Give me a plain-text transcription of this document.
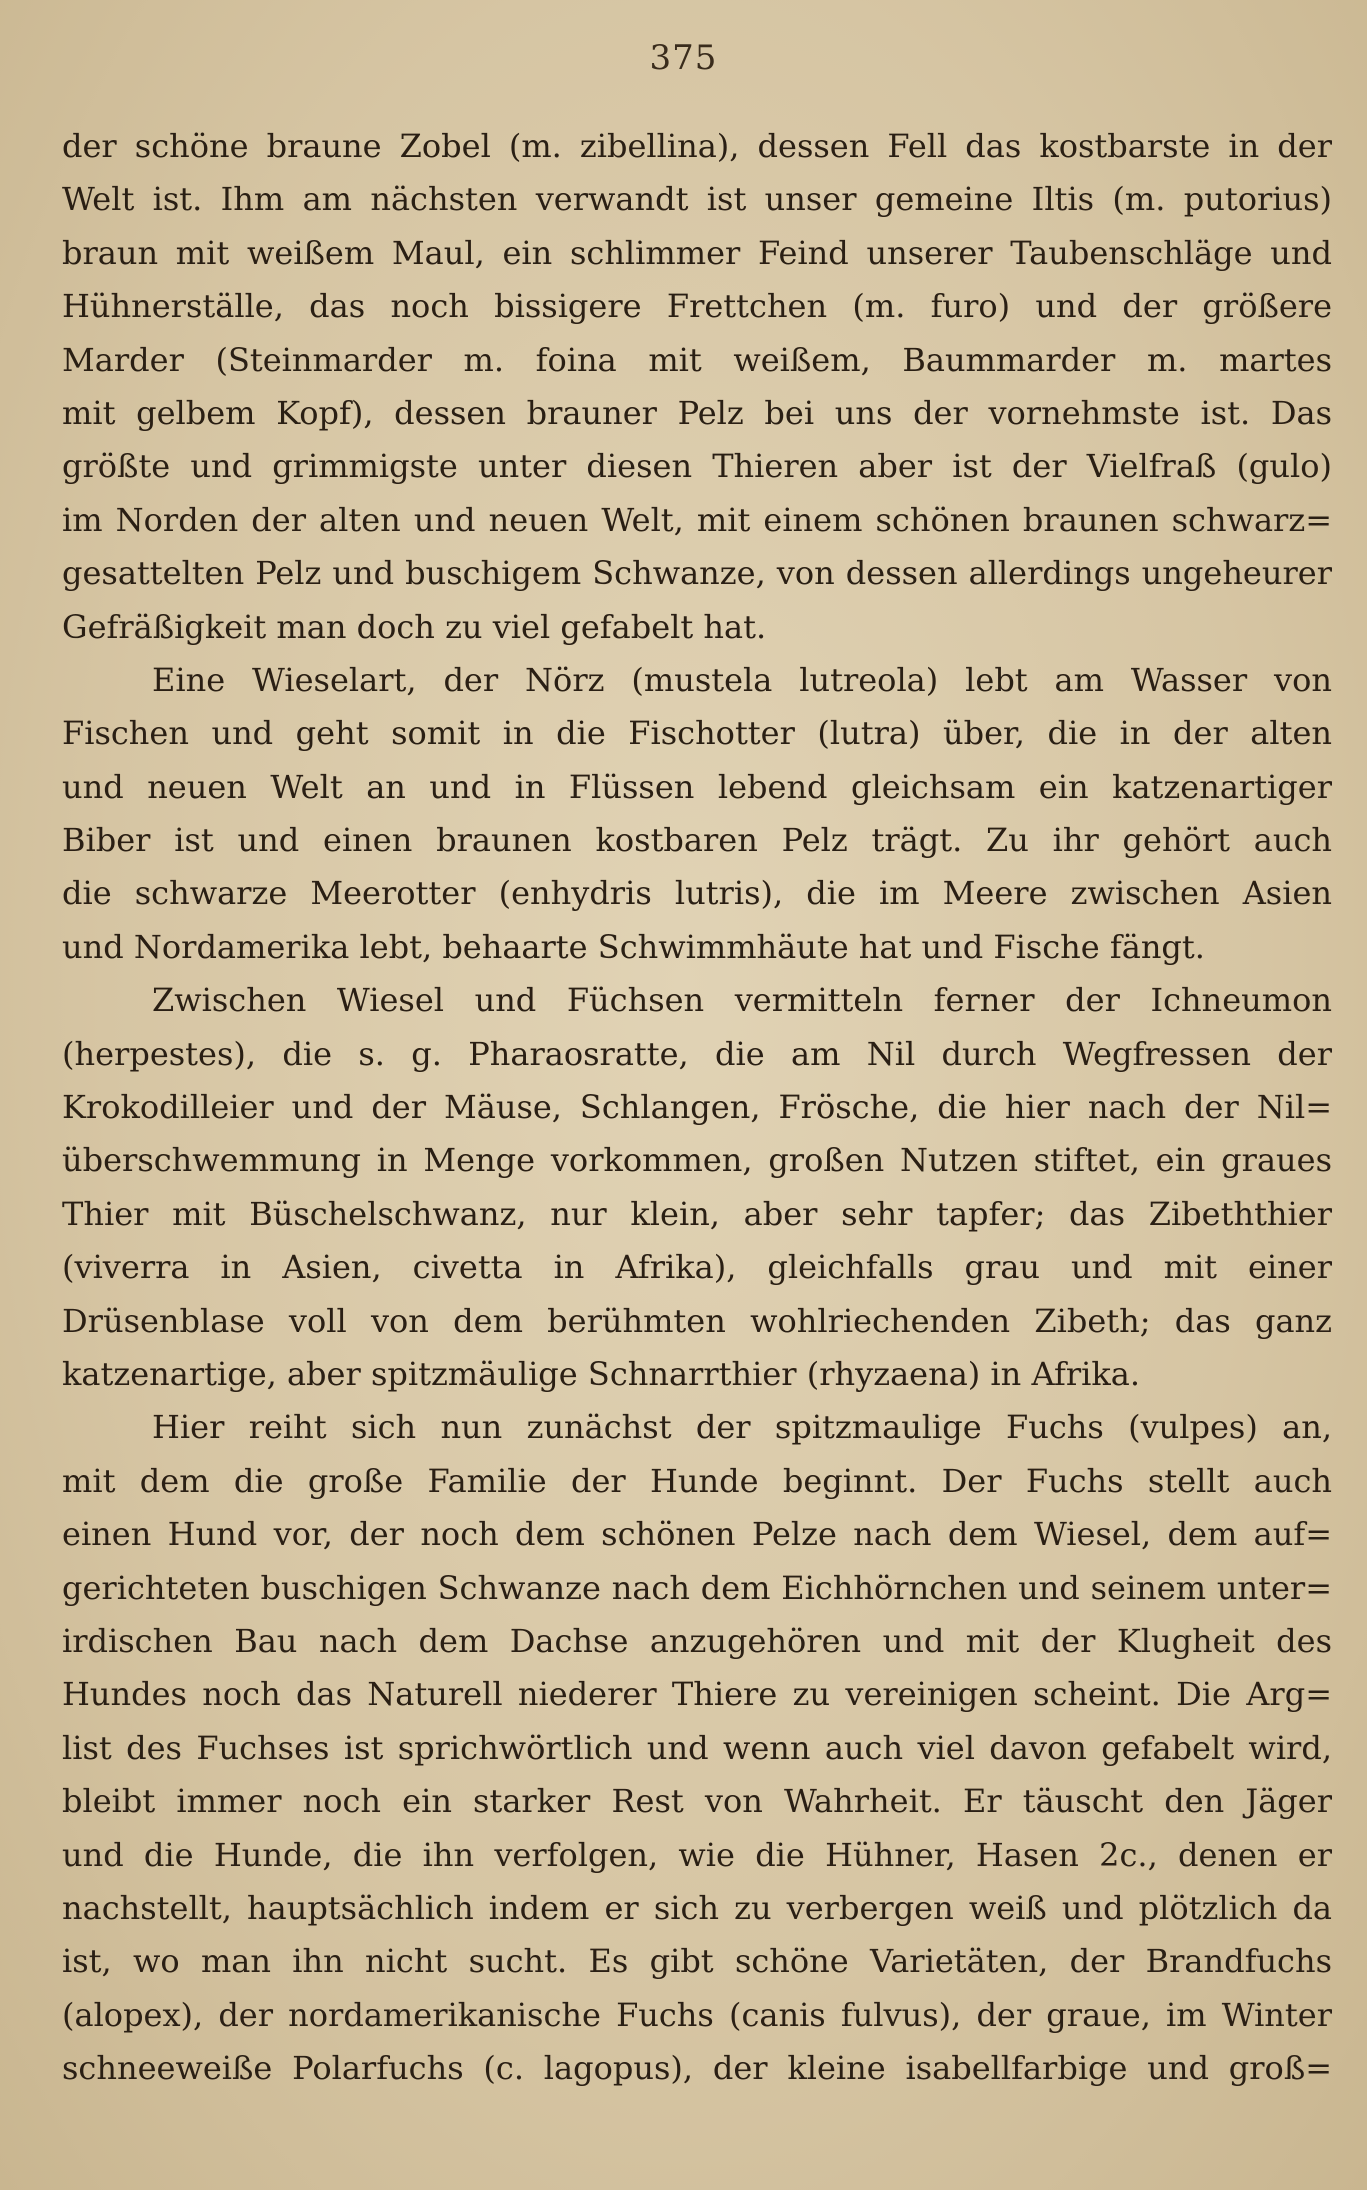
375
der schöne braune Zobel (m. zibellina), dessen Fell das kostbarste in der
Welt ist. Ihm am nächsten verwandt ist unser gemeine Iltis (m. putorius)
braun mit weißem Maul, ein schlimmer Feind unserer Taubenschläge und
Hühnerställe, das noch bissigere Frettchen (m. furo) und der größere
Marder (Steinmarder m. foina mit weißem, Baummarder m. martes
mit gelbem Kopf), dessen brauner Pelz bei uns der vornehmste ist. Das
größte und grimmigste unter diesen Thieren aber ist der Vielfraß (gulo)
im Norden der alten und neuen Welt, mit einem schönen braunen schwarz=
gesattelten Pelz und buschigem Schwanze, von dessen allerdings ungeheurer
Gefräßigkeit man doch zu viel gefabelt hat.
Eine Wieselart, der Nörz (mustela lutreola) lebt am Wasser von
Fischen und geht somit in die Fischotter (lutra) über, die in der alten
und neuen Welt an und in Flüssen lebend gleichsam ein katzenartiger
Biber ist und einen braunen kostbaren Pelz trägt. Zu ihr gehört auch
die schwarze Meerotter (enhydris lutris), die im Meere zwischen Asien
und Nordamerika lebt, behaarte Schwimmhäute hat und Fische fängt.
Zwischen Wiesel und Füchsen vermitteln ferner der Ichneumon
(herpestes), die s. g. Pharaosratte, die am Nil durch Wegfressen der
Krokodilleier und der Mäuse, Schlangen, Frösche, die hier nach der Nil=
überschwemmung in Menge vorkommen, großen Nutzen stiftet, ein graues
Thier mit Büschelschwanz, nur klein, aber sehr tapfer; das Zibeththier
(viverra in Asien, civetta in Afrika), gleichfalls grau und mit einer
Drüsenblase voll von dem berühmten wohlriechenden Zibeth; das ganz
katzenartige, aber spitzmäulige Schnarrthier (rhyzaena) in Afrika.
Hier reiht sich nun zunächst der spitzmaulige Fuchs (vulpes) an,
mit dem die große Familie der Hunde beginnt. Der Fuchs stellt auch
einen Hund vor, der noch dem schönen Pelze nach dem Wiesel, dem auf=
gerichteten buschigen Schwanze nach dem Eichhörnchen und seinem unter=
irdischen Bau nach dem Dachse anzugehören und mit der Klugheit des
Hundes noch das Naturell niederer Thiere zu vereinigen scheint. Die Arg=
list des Fuchses ist sprichwörtlich und wenn auch viel davon gefabelt wird,
bleibt immer noch ein starker Rest von Wahrheit. Er täuscht den Jäger
und die Hunde, die ihn verfolgen, wie die Hühner, Hasen 2c., denen er
nachstellt, hauptsächlich indem er sich zu verbergen weiß und plötzlich da
ist, wo man ihn nicht sucht. Es gibt schöne Varietäten, der Brandfuchs
(alopex), der nordamerikanische Fuchs (canis fulvus), der graue, im Winter
schneeweiße Polarfuchs (c. lagopus), der kleine isabellfarbige und groß=
